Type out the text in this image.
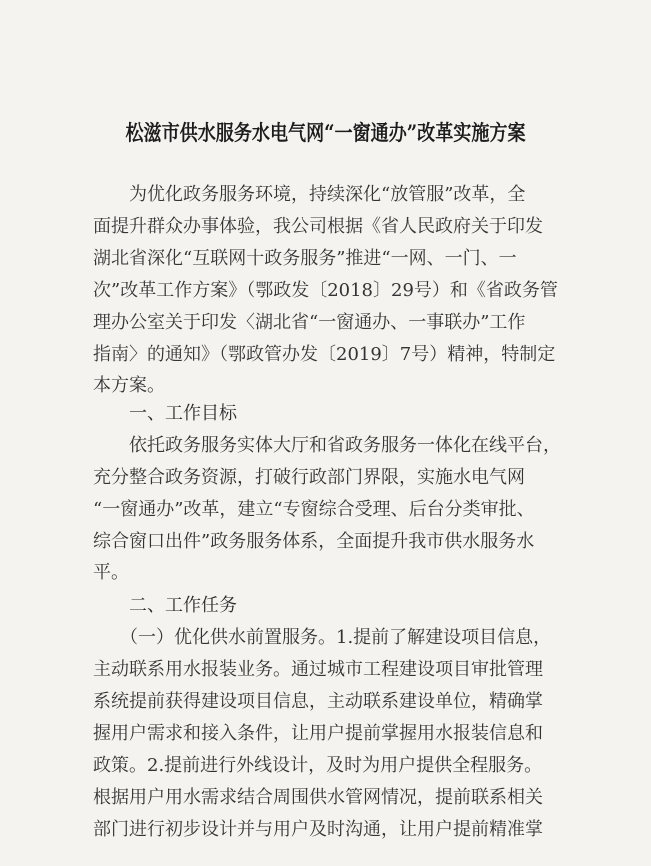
松滋市供水服务水电气网“一窗通办”改革实施方案

　　为优化政务服务环境，持续深化“放管服”改革，全

面提升群众办事体验，我公司根据《省人民政府关于印发

湖北省深化“互联网十政务服务”推进“一网、一门、一

次”改革工作方案》（鄂政发〔2018〕29号）和《省政务管

理办公室关于印发〈湖北省“一窗通办、一事联办”工作

指南〉的通知》（鄂政管办发〔2019〕7号）精神，特制定

本方案。

　　一、工作目标

　　依托政务服务实体大厅和省政务服务一体化在线平台，

充分整合政务资源，打破行政部门界限，实施水电气网

“一窗通办”改革，建立“专窗综合受理、后台分类审批、

综合窗口出件”政务服务体系，全面提升我市供水服务水

平。

　　二、工作任务

　　（一）优化供水前置服务。1.提前了解建设项目信息，

主动联系用水报装业务。通过城市工程建设项目审批管理

系统提前获得建设项目信息，主动联系建设单位，精确掌

握用户需求和接入条件，让用户提前掌握用水报装信息和

政策。2.提前进行外线设计，及时为用户提供全程服务。

根据用户用水需求结合周围供水管网情况，提前联系相关

部门进行初步设计并与用户及时沟通，让用户提前精准掌
